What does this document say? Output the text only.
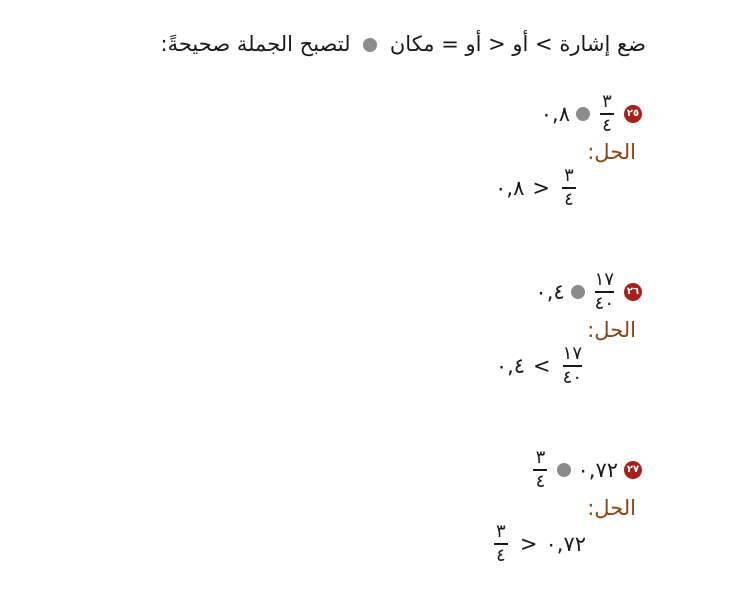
ضع إشارة > أو < أو = مكان  لتصبح الجملة صحيحةً:
٢٥
$\frac{٣}{٤}$
٠,٨
الحل:
$\frac{٣}{٤}$
<
٠,٨
٢٦
$\frac{١٧}{٤٠}$
٠,٤
الحل:
$\frac{١٧}{٤٠}$
>
٠,٤
٢٧
٠,٧٢
$\frac{٣}{٤}$
الحل:
٠,٧٢
<
$\frac{٣}{٤}$
